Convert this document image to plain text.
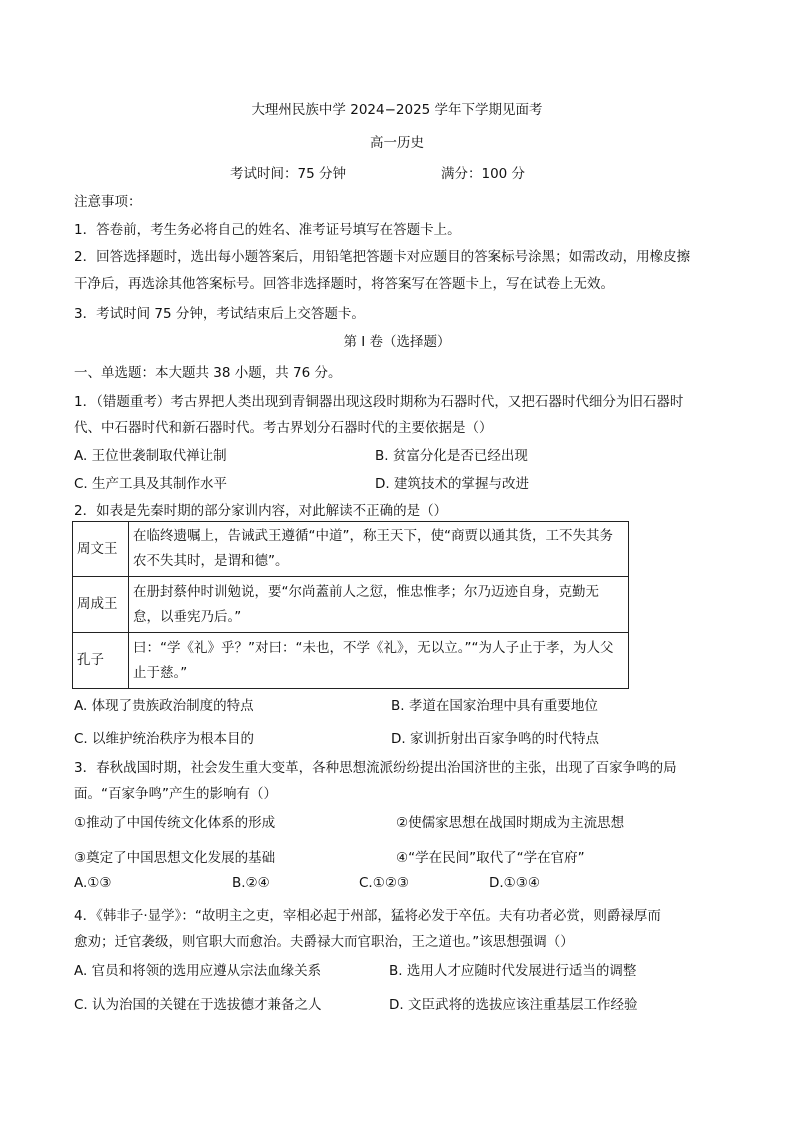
大理州民族中学 2024−2025 学年下学期见面考
高一历史
考试时间：75 分钟	满分：100 分
注意事项：
1．答卷前，考生务必将自己的姓名、准考证号填写在答题卡上。
2．回答选择题时，选出每小题答案后，用铅笔把答题卡对应题目的答案标号涂黑；如需改动，用橡皮擦
干净后，再选涂其他答案标号。回答非选择题时，将答案写在答题卡上，写在试卷上无效。
3．考试时间 75 分钟，考试结束后上交答题卡。
第 I 卷（选择题）
一、单选题：本大题共 38 小题，共 76 分。
1．（错题重考）考古界把人类出现到青铜器出现这段时期称为石器时代，又把石器时代细分为旧石器时
代、中石器时代和新石器时代。考古界划分石器时代的主要依据是（）
A. 王位世袭制取代禅让制	B. 贫富分化是否已经出现
C. 生产工具及其制作水平	D. 建筑技术的掌握与改进
2．如表是先秦时期的部分家训内容，对此解读不正确的是（）
周文王	在临终遗嘱上，告诫武王遵循“中道”，称王天下，使“商贾以通其货，工不失其务农不失其时，是谓和德”。
周成王	在册封蔡仲时训勉说，要“尔尚蓋前人之愆，惟忠惟孝；尔乃迈迹自身，克勤无怠，以垂宪乃后。”
孔子	曰：“学《礼》乎？”对曰：“未也，不学《礼》，无以立。”“为人子止于孝，为人父止于慈。”
A. 体现了贵族政治制度的特点	B. 孝道在国家治理中具有重要地位
C. 以维护统治秩序为根本目的	D. 家训折射出百家争鸣的时代特点
3．春秋战国时期，社会发生重大变革，各种思想流派纷纷提出治国济世的主张，出现了百家争鸣的局
面。“百家争鸣”产生的影响有（）
①推动了中国传统文化体系的形成	②使儒家思想在战国时期成为主流思想
③奠定了中国思想文化发展的基础	④“学在民间”取代了“学在官府”
A.①③	B.②④	C.①②③	D.①③④
4．《韩非子·显学》：“故明主之吏，宰相必起于州部，猛将必发于卒伍。夫有功者必赏，则爵禄厚而
愈劝；迁官袭级，则官职大而愈治。夫爵禄大而官职治，王之道也。”该思想强调（）
A. 官员和将领的选用应遵从宗法血缘关系	B. 选用人才应随时代发展进行适当的调整
C. 认为治国的关键在于选拔德才兼备之人	D. 文臣武将的选拔应该注重基层工作经验
